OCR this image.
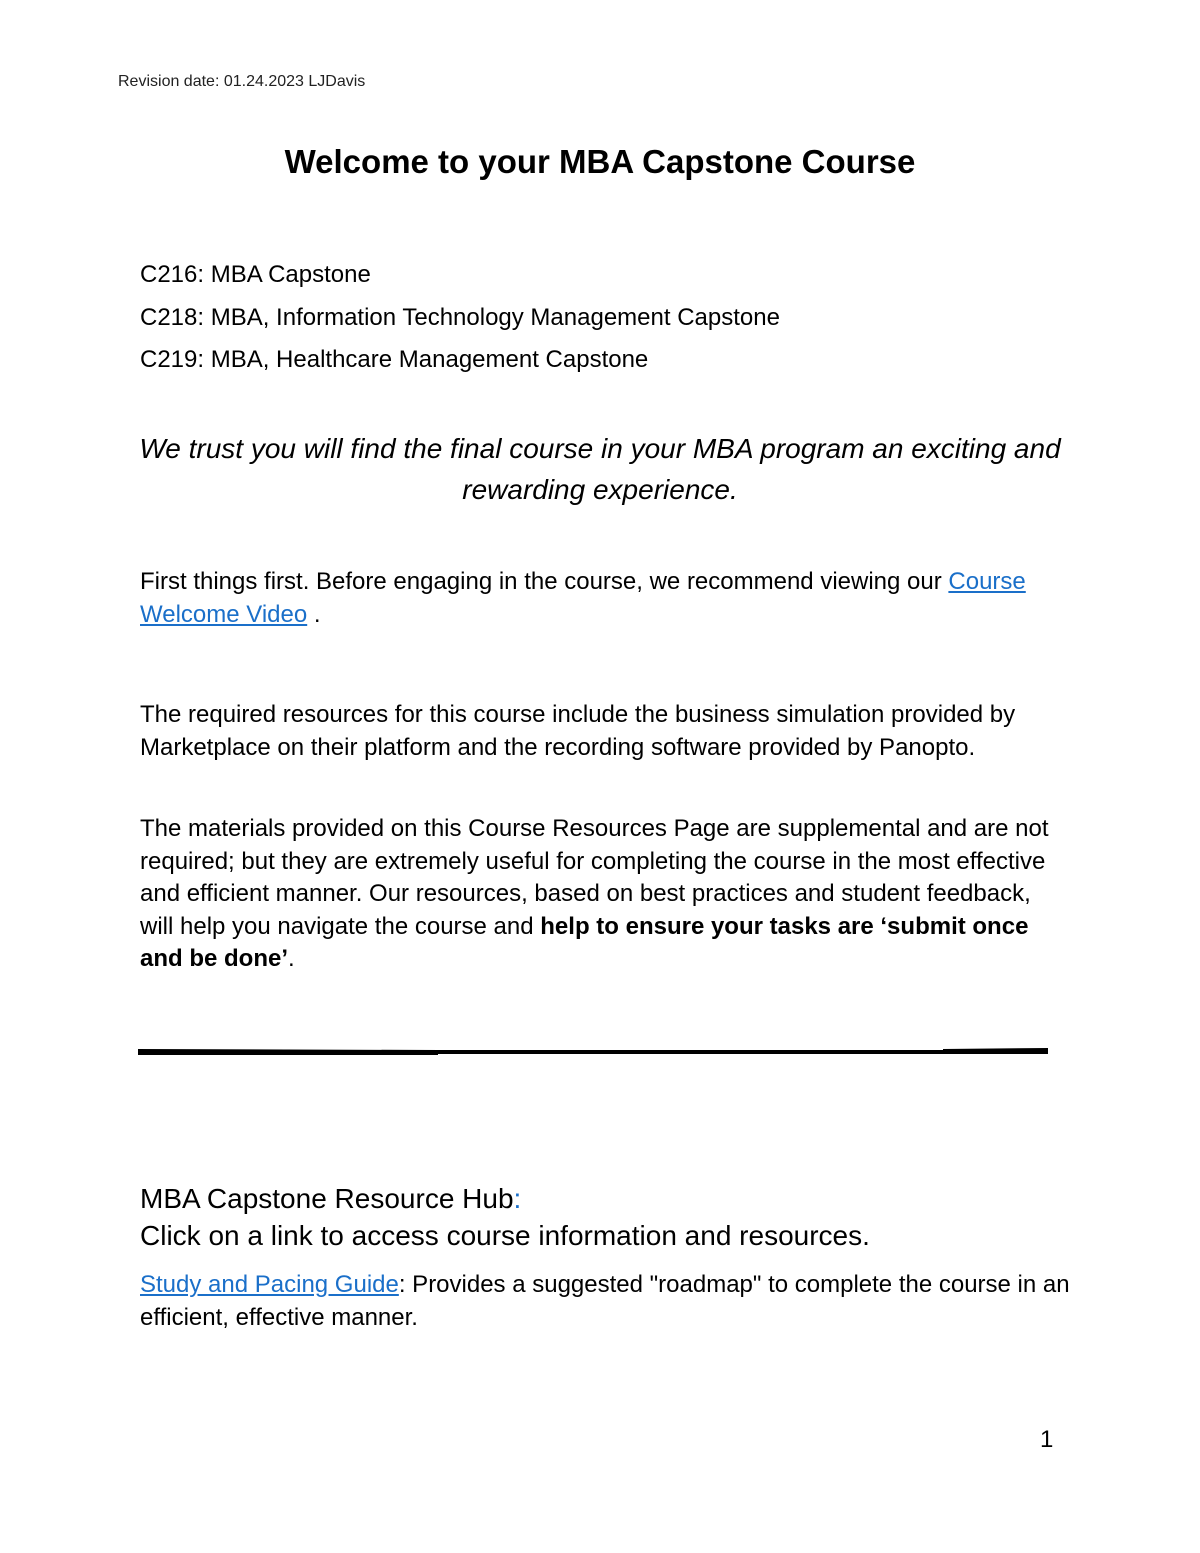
Revision date: 01.24.2023 LJDavis

Welcome to your MBA Capstone Course

C216: MBA Capstone

C218: MBA, Information Technology Management Capstone

C219: MBA, Healthcare Management Capstone

We trust you will find the final course in your MBA program an exciting and rewarding experience.

First things first. Before engaging in the course, we recommend viewing our Course Welcome Video .

The required resources for this course include the business simulation provided by Marketplace on their platform and the recording software provided by Panopto.

The materials provided on this Course Resources Page are supplemental and are not required; but they are extremely useful for completing the course in the most effective and efficient manner. Our resources, based on best practices and student feedback, will help you navigate the course and help to ensure your tasks are ‘submit once and be done’.

MBA Capstone Resource Hub:
Click on a link to access course information and resources.

Study and Pacing Guide: Provides a suggested "roadmap" to complete the course in an efficient, effective manner.

1
